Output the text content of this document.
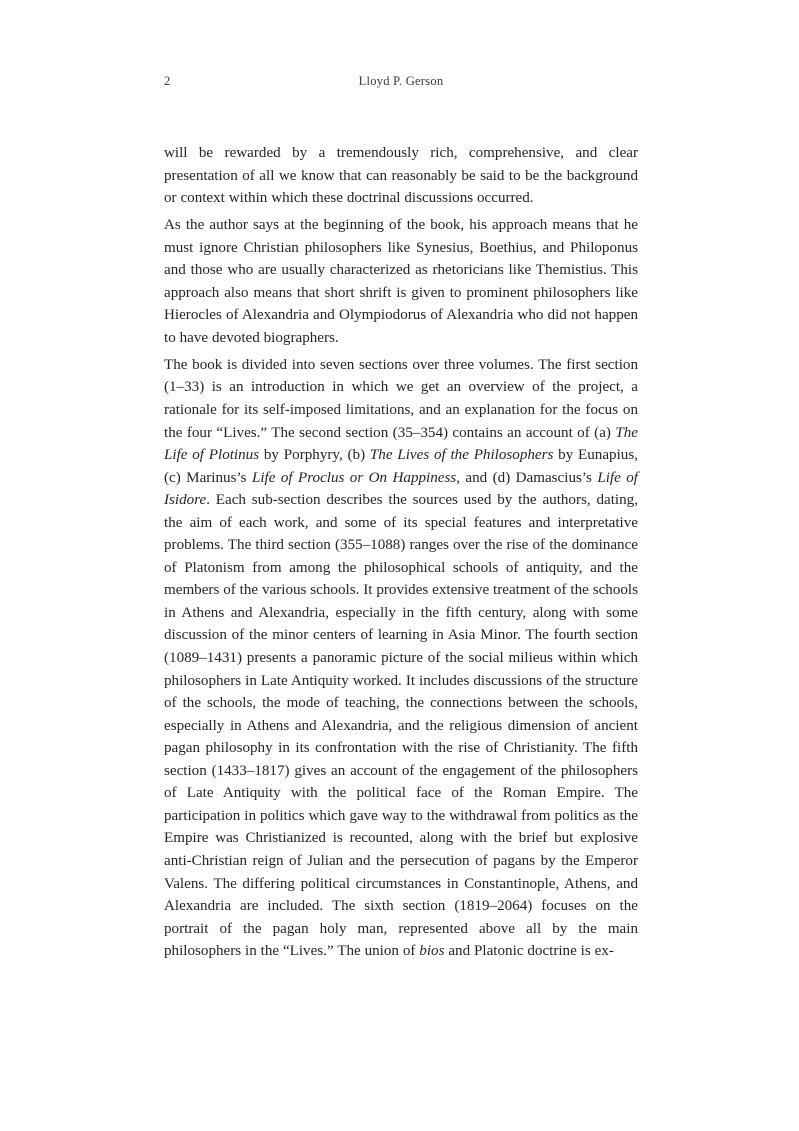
2	Lloyd P. Gerson

will be rewarded by a tremendously rich, comprehensive, and clear presentation of all we know that can reasonably be said to be the background or context within which these doctrinal discussions occurred.

As the author says at the beginning of the book, his approach means that he must ignore Christian philosophers like Synesius, Boethius, and Philoponus and those who are usually characterized as rhetoricians like Themistius. This approach also means that short shrift is given to prominent philosophers like Hierocles of Alexandria and Olympiodorus of Alexandria who did not happen to have devoted biographers.

The book is divided into seven sections over three volumes. The first section (1–33) is an introduction in which we get an overview of the project, a rationale for its self-imposed limitations, and an explanation for the focus on the four “Lives.” The second section (35–354) contains an account of (a) The Life of Plotinus by Porphyry, (b) The Lives of the Philosophers by Eunapius, (c) Marinus’s Life of Proclus or On Happiness, and (d) Damascius’s Life of Isidore. Each sub-section describes the sources used by the authors, dating, the aim of each work, and some of its special features and interpretative problems. The third section (355–1088) ranges over the rise of the dominance of Platonism from among the philosophical schools of antiquity, and the members of the various schools. It provides extensive treatment of the schools in Athens and Alexandria, especially in the fifth century, along with some discussion of the minor centers of learning in Asia Minor. The fourth section (1089–1431) presents a panoramic picture of the social milieus within which philosophers in Late Antiquity worked. It includes discussions of the structure of the schools, the mode of teaching, the connections between the schools, especially in Athens and Alexandria, and the religious dimension of ancient pagan philosophy in its confrontation with the rise of Christianity. The fifth section (1433–1817) gives an account of the engagement of the philosophers of Late Antiquity with the political face of the Roman Empire. The participation in politics which gave way to the withdrawal from politics as the Empire was Christianized is recounted, along with the brief but explosive anti-Christian reign of Julian and the persecution of pagans by the Emperor Valens. The differing political circumstances in Constantinople, Athens, and Alexandria are included. The sixth section (1819–2064) focuses on the portrait of the pagan holy man, represented above all by the main philosophers in the “Lives.” The union of bios and Platonic doctrine is ex-
